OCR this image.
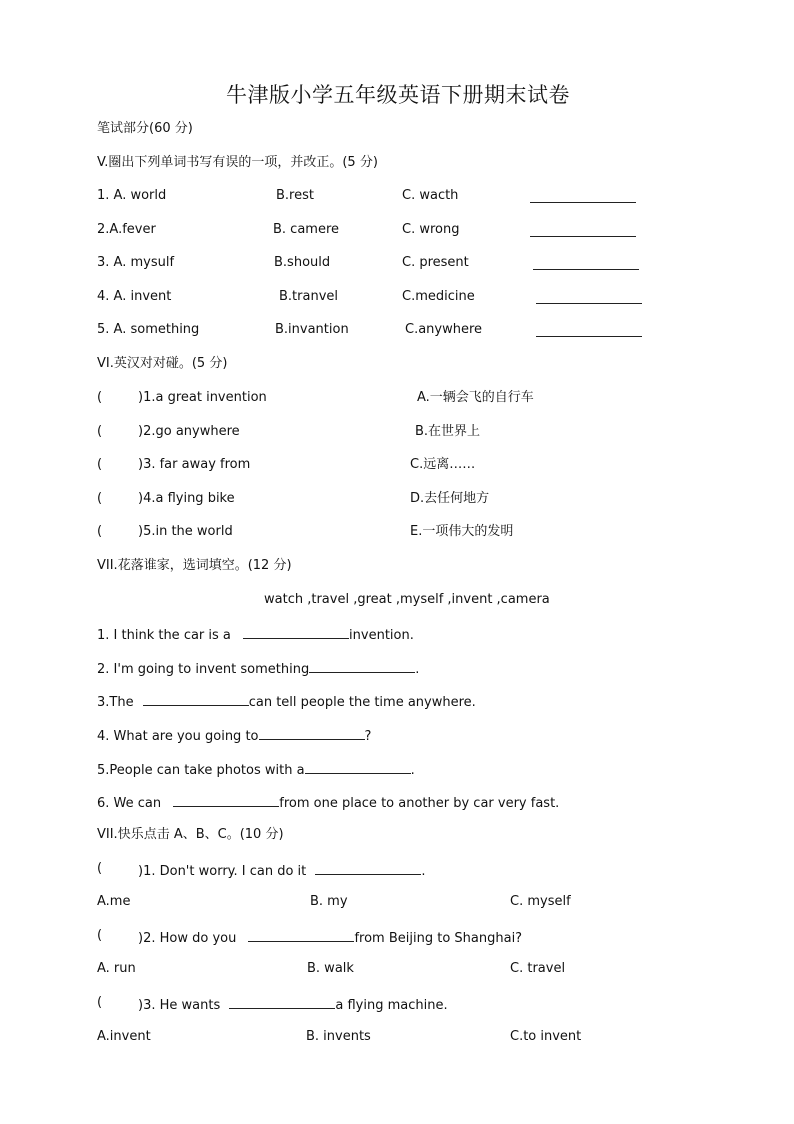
牛津版小学五年级英语下册期末试卷
笔试部分(60 分)
V.圈出下列单词书写有误的一项，并改正。(5 分)
1. A. world	B.rest	C. wacth
2.A.fever	B. camere	C. wrong
3. A. mysulf	B.should	C. present
4. A. invent	B.tranvel	C.medicine
5. A. something	B.invantion	C.anywhere
VI.英汉对对碰。(5 分)
(	)1.a great invention	A.一辆会飞的自行车
(	)2.go anywhere	B.在世界上
(	)3. far away from	C.远离……
(	)4.a flying bike	D.去任何地方
(	)5.in the world	E.一项伟大的发明
VII.花落谁家，选词填空。(12 分)
watch ,travel ,great ,myself ,invent ,camera
1. I think the car is a	invention.
2. I'm going to invent something	.
3.The	can tell people the time anywhere.
4. What are you going to	?
5.People can take photos with a	.
6. We can	from one place to another by car very fast.
VII.快乐点击 A、B、C。(10 分)
(	)1. Don't worry. I can do it	.
A.me	B. my	C. myself
(	)2. How do you	from Beijing to Shanghai?
A. run	B. walk	C. travel
(	)3. He wants	a flying machine.
A.invent	B. invents	C.to invent
